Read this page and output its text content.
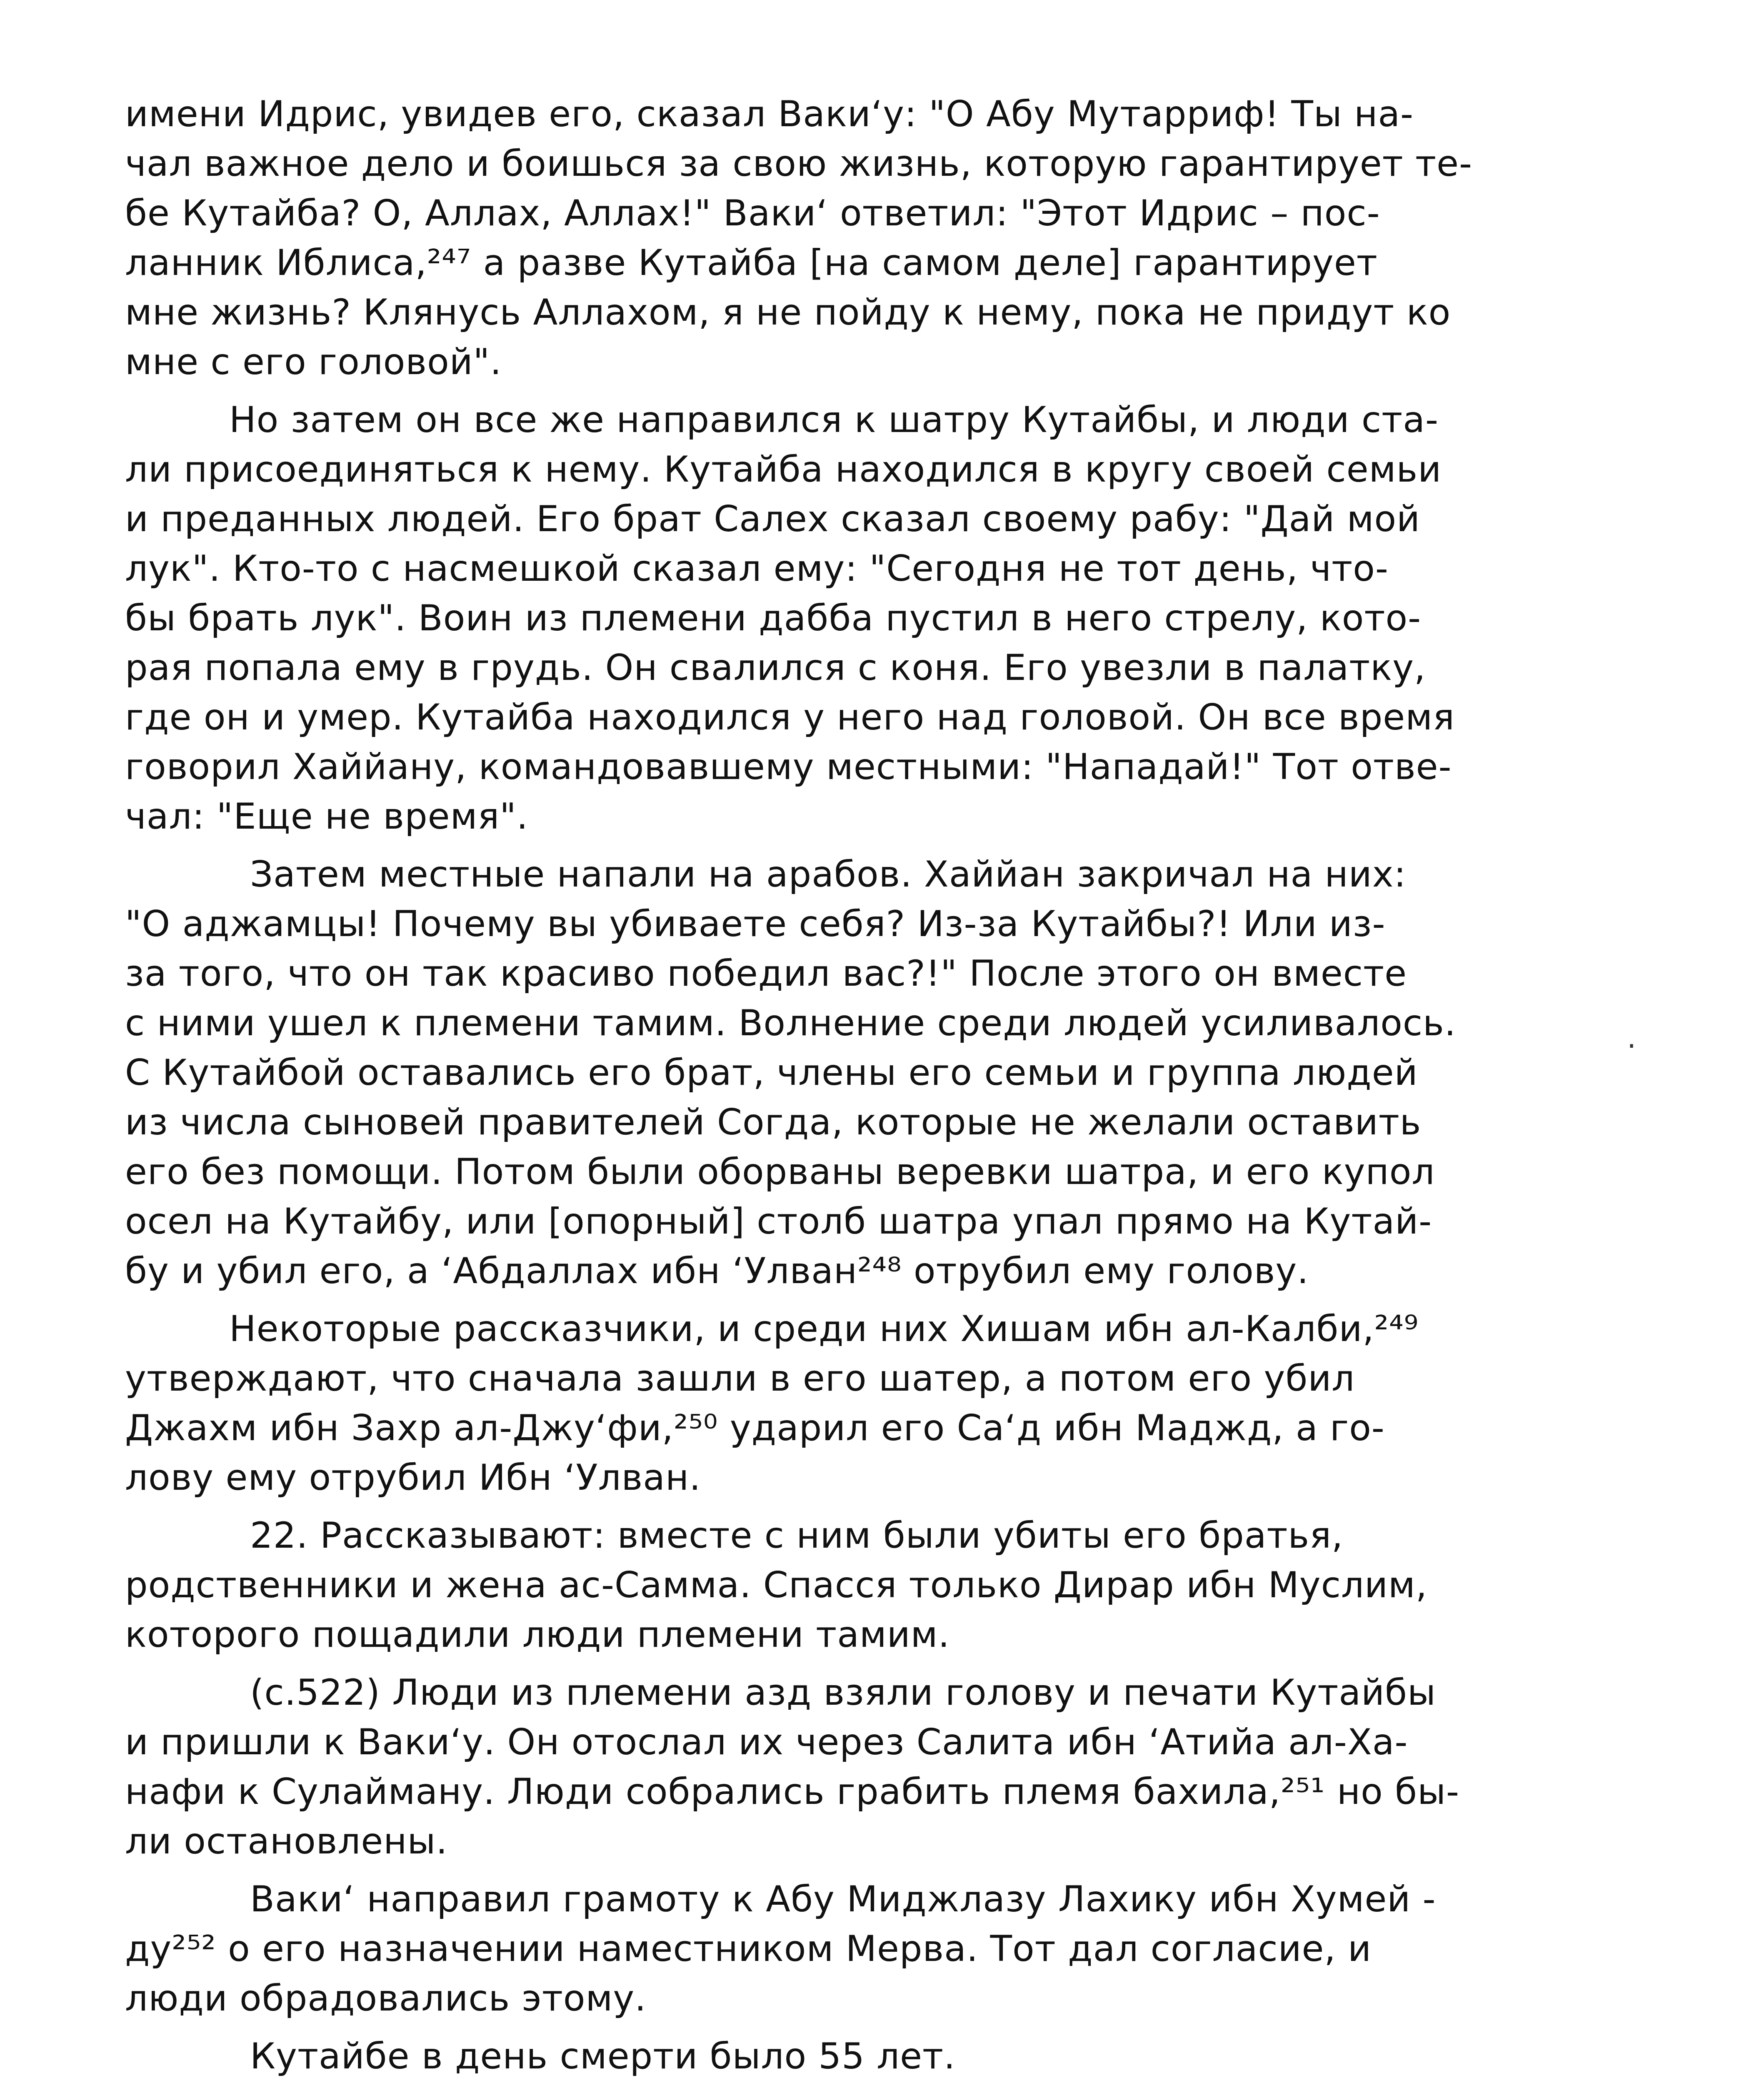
имени Идрис, увидев его, сказал Ваки‘у: "О Абу Мутарриф! Ты на-
чал важное дело и боишься за свою жизнь, которую гарантирует те-
бе Кутайба? О, Аллах, Аллах!" Ваки‘ ответил: "Этот Идрис – пос-
ланник Иблиса,²⁴⁷ а разве Кутайба [на самом деле] гарантирует
мне жизнь? Клянусь Аллахом, я не пойду к нему, пока не придут ко
мне с его головой".
Но затем он все же направился к шатру Кутайбы, и люди ста-
ли присоединяться к нему. Кутайба находился в кругу своей семьи
и преданных людей. Его брат Салех сказал своему рабу: "Дай мой
лук". Кто-то с насмешкой сказал ему: "Сегодня не тот день, что-
бы брать лук". Воин из племени дабба пустил в него стрелу, кото-
рая попала ему в грудь. Он свалился с коня. Его увезли в палатку,
где он и умер. Кутайба находился у него над головой. Он все время
говорил Хаййану, командовавшему местными: "Нападай!" Тот отве-
чал: "Еще не время".
Затем местные напали на арабов. Хаййан закричал на них:
"О аджамцы! Почему вы убиваете себя? Из-за Кутайбы?! Или из-
за того, что он так красиво победил вас?!" После этого он вместе
с ними ушел к племени тамим. Волнение среди людей усиливалось.
С Кутайбой оставались его брат, члены его семьи и группа людей
из числа сыновей правителей Согда, которые не желали оставить
его без помощи. Потом были оборваны веревки шатра, и его купол
осел на Кутайбу, или [опорный] столб шатра упал прямо на Кутай-
бу и убил его, а ‘Абдаллах ибн ‘Улван²⁴⁸ отрубил ему голову.
Некоторые рассказчики, и среди них Хишам ибн ал-Калби,²⁴⁹
утверждают, что сначала зашли в его шатер, а потом его убил
Джахм ибн Захр ал-Джу‘фи,²⁵⁰ ударил его Са‘д ибн Маджд, а го-
лову ему отрубил Ибн ‘Улван.
22. Рассказывают: вместе с ним были убиты его братья,
родственники и жена ас-Самма. Спасся только Дирар ибн Муслим,
которого пощадили люди племени тамим.
(с.522) Люди из племени азд взяли голову и печати Кутайбы
и пришли к Ваки‘у. Он отослал их через Салита ибн ‘Атийа ал-Ха-
нафи к Сулайману. Люди собрались грабить племя бахила,²⁵¹ но бы-
ли остановлены.
Ваки‘ направил грамоту к Абу Миджлазу Лахику ибн Хумей -
ду²⁵² о его назначении наместником Мерва. Тот дал согласие, и
люди обрадовались этому.
Кутайбе в день смерти было 55 лет.
·
